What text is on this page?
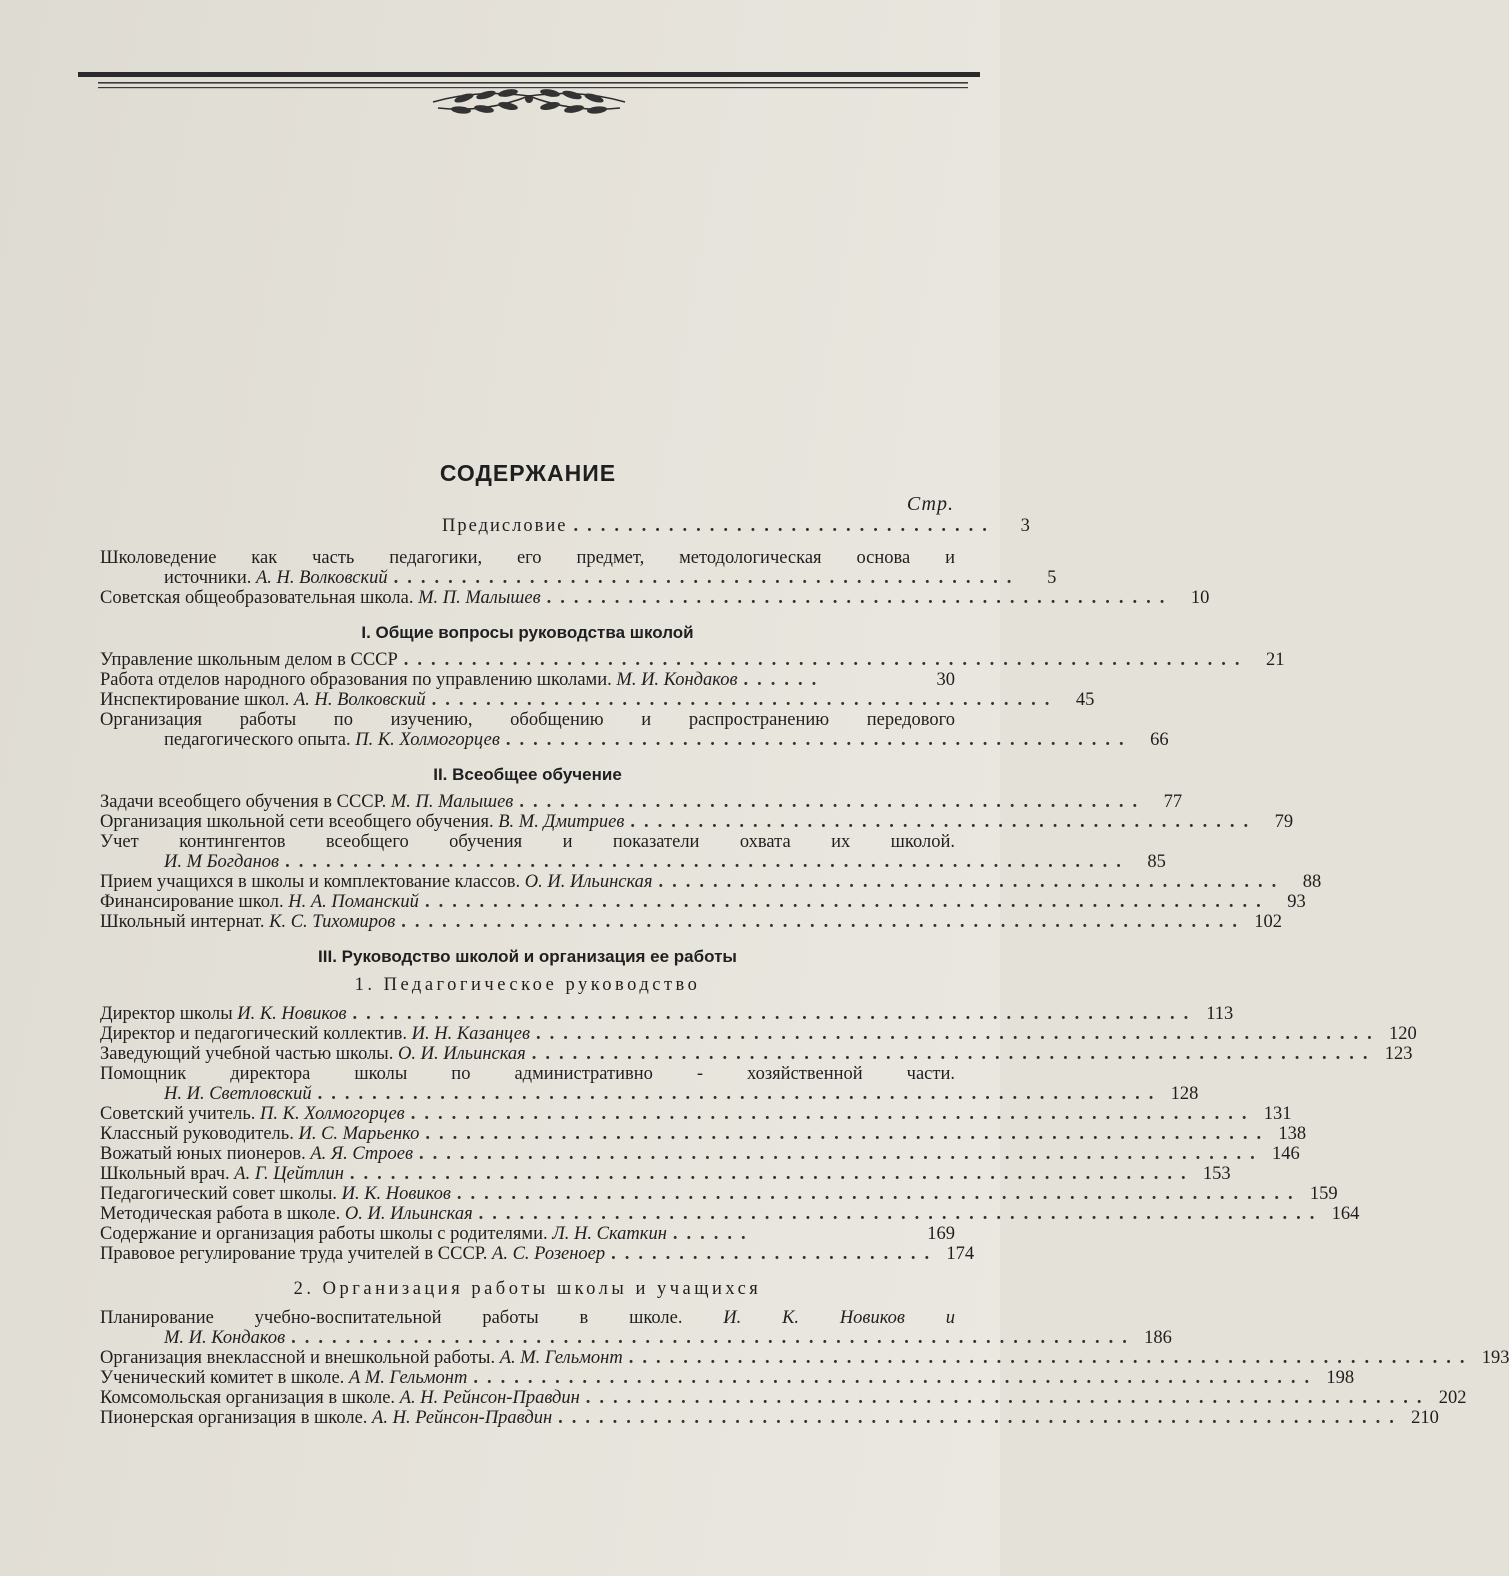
СОДЕРЖАНИЕ
Стр.
Предисловие ...............................	3
Школоведение как часть педагогики, его предмет, методологическая основа и
источники. А. Н. Волковский ..............................................	5
Советская общеобразовательная школа. М. П. Малышев .............................................. 10
I. Общие вопросы руководства школой
Управление школьным делом в СССР .............................................................. 21
Работа отделов народного образования по управлению школами. М. И. Кондаков ......	30
Инспектирование школ. А. Н. Волковский .............................................. 45
Организация работы по изучению, обобщению и распространению передового
педагогического опыта. П. К. Холмогорцев .............................................. 66
II. Всеобщее обучение
Задачи всеобщего обучения в СССР. М. П. Малышев .............................................. 77
Организация школьной сети всеобщего обучения. В. М. Дмитриев .............................................. 79
Учет контингентов всеобщего обучения и показатели охвата их школой.
И. М Богданов .............................................................. 85
Прием учащихся в школы и комплектование классов. О. И. Ильинская .............................................. 88
Финансирование школ. Н. А. Поманский .............................................................. 93
Школьный интернат. К. С. Тихомиров .............................................................. 102
III. Руководство школой и организация ее работы
1. Педагогическое руководство
Директор школы И. К. Новиков .............................................................. 113
Директор и педагогический коллектив. И. Н. Казанцев .............................................................. 120
Заведующий учебной частью школы. О. И. Ильинская .............................................................. 123
Помощник директора школы по административно - хозяйственной части.
Н. И. Светловский .............................................................. 128
Советский учитель. П. К. Холмогорцев .............................................................. 131
Классный руководитель. И. С. Марьенко .............................................................. 138
Вожатый юных пионеров. А. Я. Строев .............................................................. 146
Школьный врач. А. Г. Цейтлин .............................................................. 153
Педагогический совет школы. И. К. Новиков .............................................................. 159
Методическая работа в школе. О. И. Ильинская .............................................................. 164
Содержание и организация работы школы с родителями. Л. Н. Скаткин ......	169
Правовое регулирование труда учителей в СССР. А. С. Розеноер ........................ 174
2. Организация работы школы и учащихся
Планирование учебно-воспитательной работы в школе. И. К. Новиков и
М. И. Кондаков .............................................................. 186
Организация внеклассной и внешкольной работы. А. М. Гельмонт .............................................................. 193
Ученический комитет в школе. А М. Гельмонт .............................................................. 198
Комсомольская организация в школе. А. Н. Рейнсон-Правдин .............................................................. 202
Пионерская организация в школе. А. Н. Рейнсон-Правдин .............................................................. 210
